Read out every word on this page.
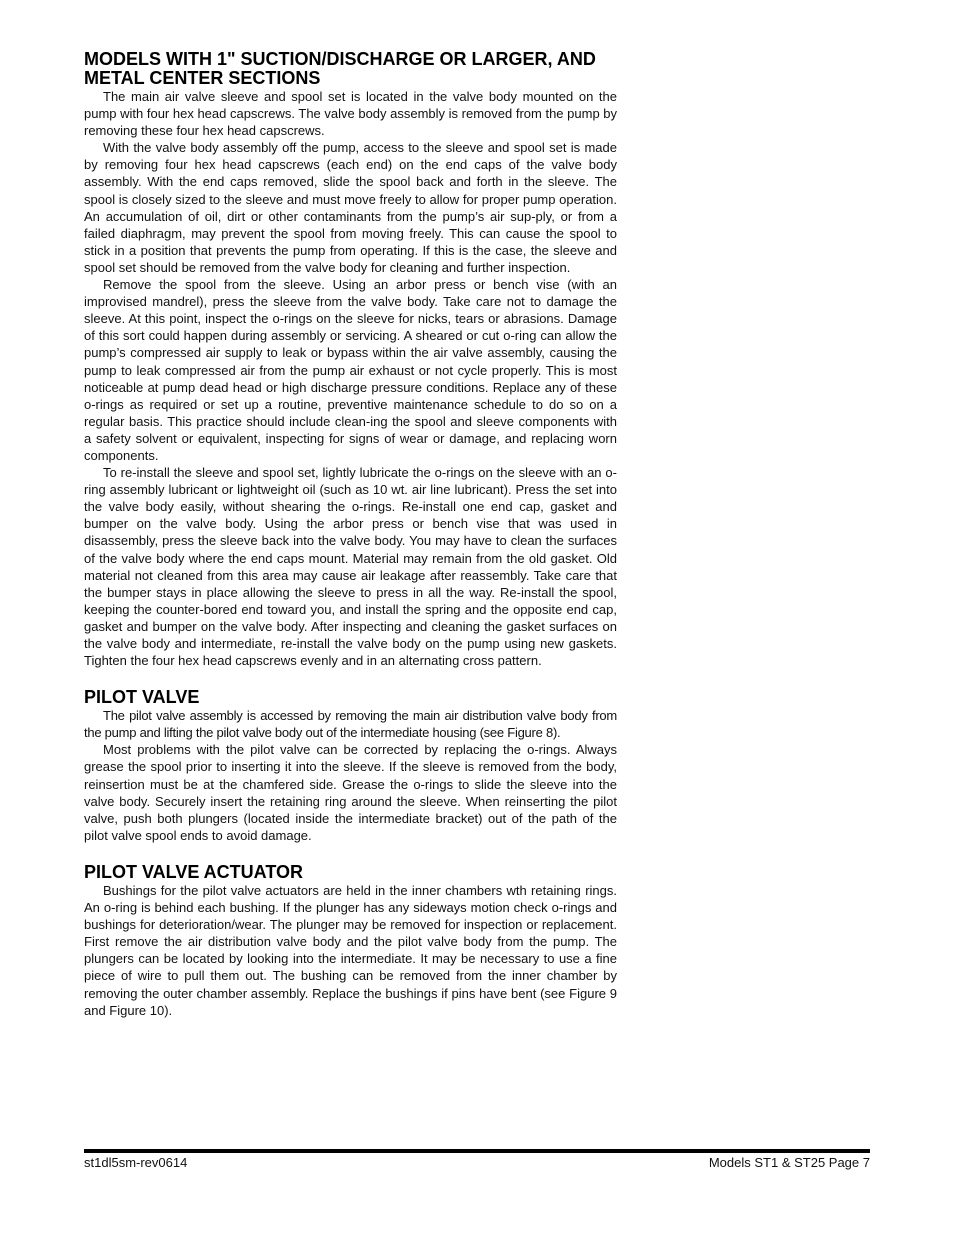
MODELS WITH 1" SUCTION/DISCHARGE OR LARGER, AND METAL CENTER SECTIONS

The main air valve sleeve and spool set is located in the valve body mounted on the pump with four hex head capscrews. The valve body assembly is removed from the pump by removing these four hex head capscrews.

With the valve body assembly off the pump, access to the sleeve and spool set is made by removing four hex head capscrews (each end) on the end caps of the valve body assembly. With the end caps removed, slide the spool back and forth in the sleeve. The spool is closely sized to the sleeve and must move freely to allow for proper pump operation. An accumulation of oil, dirt or other contaminants from the pump’s air sup-ply, or from a failed diaphragm, may prevent the spool from moving freely. This can cause the spool to stick in a position that prevents the pump from operating. If this is the case, the sleeve and spool set should be removed from the valve body for cleaning and further inspection.

Remove the spool from the sleeve. Using an arbor press or bench vise (with an improvised mandrel), press the sleeve from the valve body. Take care not to damage the sleeve. At this point, inspect the o-rings on the sleeve for nicks, tears or abrasions. Damage of this sort could happen during assembly or servicing. A sheared or cut o-ring can allow the pump’s compressed air supply to leak or bypass within the air valve assembly, causing the pump to leak compressed air from the pump air exhaust or not cycle properly. This is most noticeable at pump dead head or high discharge pressure conditions. Replace any of these o-rings as required or set up a routine, preventive maintenance schedule to do so on a regular basis. This practice should include clean-ing the spool and sleeve components with a safety solvent or equivalent, inspecting for signs of wear or damage, and replacing worn components.

To re-install the sleeve and spool set, lightly lubricate the o-rings on the sleeve with an o-ring assembly lubricant or lightweight oil (such as 10 wt. air line lubricant). Press the set into the valve body easily, without shearing the o-rings. Re-install one end cap, gasket and bumper on the valve body. Using the arbor press or bench vise that was used in disassembly, press the sleeve back into the valve body. You may have to clean the surfaces of the valve body where the end caps mount. Material may remain from the old gasket. Old material not cleaned from this area may cause air leakage after reassembly. Take care that the bumper stays in place allowing the sleeve to press in all the way. Re-install the spool, keeping the counter-bored end toward you, and install the spring and the opposite end cap, gasket and bumper on the valve body. After inspecting and cleaning the gasket surfaces on the valve body and intermediate, re-install the valve body on the pump using new gaskets. Tighten the four hex head capscrews evenly and in an alternating cross pattern.

PILOT VALVE

The pilot valve assembly is accessed by removing the main air distribution valve body from the pump and lifting the pilot valve body out of the intermediate housing (see Figure 8).

Most problems with the pilot valve can be corrected by replacing the o-rings. Always grease the spool prior to inserting it into the sleeve. If the sleeve is removed from the body, reinsertion must be at the chamfered side. Grease the o-rings to slide the sleeve into the valve body. Securely insert the retaining ring around the sleeve. When reinserting the pilot valve, push both plungers (located inside the intermediate bracket) out of the path of the pilot valve spool ends to avoid damage.

PILOT VALVE ACTUATOR

Bushings for the pilot valve actuators are held in the inner chambers wth retaining rings. An o-ring is behind each bushing. If the plunger has any sideways motion check o-rings and bushings for deterioration/wear. The plunger may be removed for inspection or replacement. First remove the air distribution valve body and the pilot valve body from the pump. The plungers can be located by looking into the intermediate. It may be necessary to use a fine piece of wire to pull them out. The bushing can be removed from the inner chamber by removing the outer chamber assembly. Replace the bushings if pins have bent (see Figure 9 and Figure 10).

st1dl5sm-rev0614	Models ST1 & ST25 Page 7
